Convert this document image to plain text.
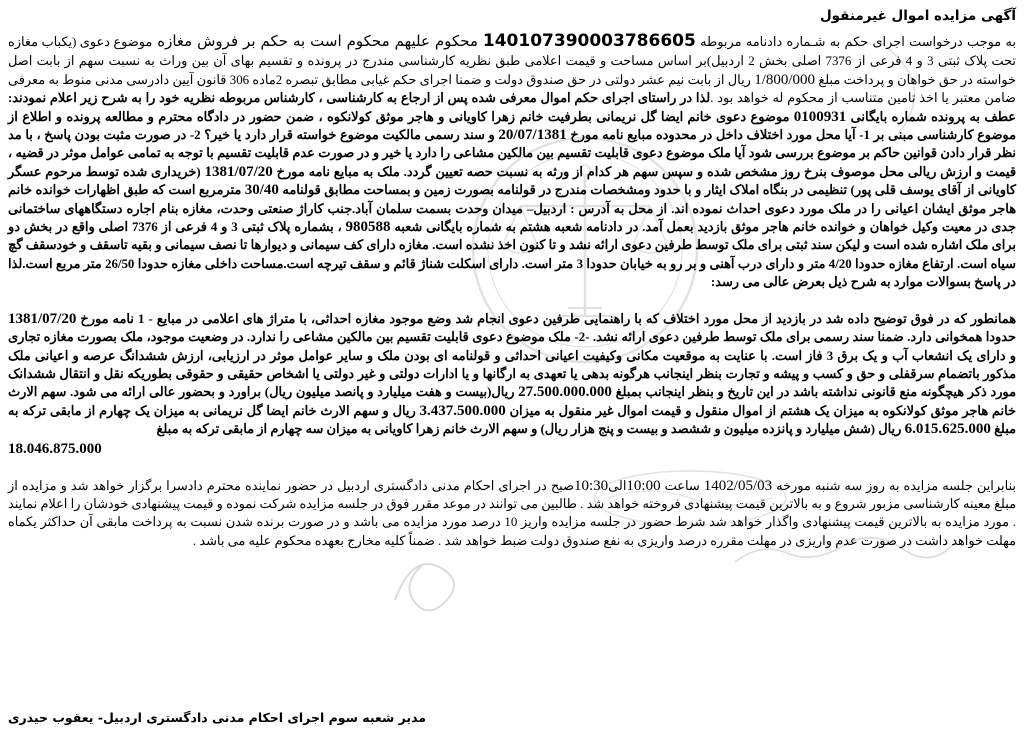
آگهی مزایده اموال غیرمنقول
به موجب درخواست اجرای حکم به شـماره دادنامه مربوطه 140107390003786605 محکوم علیهم محکوم است به حکم بر فروش مغازه موضوع دعوی (یکباب مغازه تحت پلاک ثبتی 3 و 4 فرعی از 7376 اصلی بخش 2 اردبیل)بر اساس مساحت و قیمت اعلامی طبق نظریه کارشناسی مندرج در پرونده و تقسیم بهای آن بین وراث به نسبت سهم از بابت اصل خواسته در حق خواهان و پرداخت مبلغ 1/800/000 ریال از بابت نیم عشر دولتی در حق صندوق دولت و ضمنا اجرای حکم غیابی مطابق تبصره 2ماده 306 قانون آیین دادرسی مدنی منوط به معرفی ضامن معتبر یا اخذ تامین متناسب از محکوم له خواهد بود .لذا در راستای اجرای حکم اموال معرفی شده پس از ارجاع به کارشناسی ، کارشناس مربوطه نظریه خود را به شرح زیر اعلام نمودند: عطف به پرونده شماره بایگانی 0100931 موضوع دعوی خانم ایضا گل نریمانی بطرفیت خانم زهرا کاویانی و هاجر موثق کولانکوه ، ضمن حضور در دادگاه محترم و مطالعه پرونده و اطلاع از موضوع کارشناسی مبنی بر 1- آیا محل مورد اختلاف داخل در محدوده مبایع نامه مورخ 20/07/1381 و سند رسمی مالکیت موضوع خواسته قرار دارد یا خیر؟ 2- در صورت مثبت بودن پاسخ ، با مد نظر قرار دادن قوانین حاکم بر موضوع بررسی شود آیا ملک موضوع دعوی قابلیت تقسیم بین مالکین مشاعی را دارد یا خیر و در صورت عدم قابلیت تقسیم با توجه به تمامی عوامل موثر در قضیه ، قیمت و ارزش ریالی محل موصوف بنرخ روز مشخص شده و سپس سهم هر کدام از ورثه به نسبت حصه تعیین گردد. ملک به مبایع نامه مورخ 1381/07/20 (خریداری شده توسط مرحوم عسگر کاویانی از آقای یوسف قلی پور) تنظیمی در بنگاه املاک ایثار و با حدود ومشخصات مندرج در قولنامه بصورت زمین و بمساحت مطابق قولنامه 30/40 مترمربع است که طبق اظهارات خوانده خانم هاجر موثق ایشان اعیانی را در ملک مورد دعوی احداث نموده اند. از محل به آدرس : اردبیل– میدان وحدت بسمت سلمان آباد.جنب کاراژ صنعتی وحدت، مغازه بنام اجاره دستگاههای ساختمانی جدی در معیت وکیل خواهان و خوانده خانم هاجر موثق بازدید بعمل آمد. در دادنامه شعبه هشتم به شماره بایگانی شعبه 980588 ، بشماره پلاک ثبتی 3 و 4 فرعی از 7376 اصلی واقع در بخش دو برای ملک اشاره شده است و لیکن سند ثبتی برای ملک توسط طرفین دعوی ارائه نشد و تا کنون اخذ نشده است. مغازه دارای کف سیمانی و دیوارها تا نصف سیمانی و بقیه تاسقف و خودسقف گچ سیاه است. ارتفاع مغازه حدودا 4/20 متر و دارای درب آهنی و بر رو به خیابان حدودا 3 متر است. دارای اسکلت شناژ قائم و سقف تیرچه است.مساحت داخلی مغازه حدودا 26/50 متر مربع است.لذا در پاسخ بسوالات موارد به شرح ذیل بعرض عالی می رسد:
همانطور که در فوق توضیح داده شد در بازدید از محل مورد اختلاف که با راهنمایی طرفین دعوی انجام شد وضع موجود مغازه احداثی، با متراژ های اعلامی در مبایع - 1 نامه مورخ 1381/07/20 حدودا همخوانی دارد. ضمنا سند رسمی برای ملک توسط طرفین دعوی ارائه نشد. -2- ملک موضوع دعوی قابلیت تقسیم بین مالکین مشاعی را ندارد. در وضعیت موجود، ملک بصورت مغازه تجاری و دارای یک انشعاب آب و یک برق 3 فاز است. با عنایت به موقعیت مکانی وکیفیت اعیانی احداثی و قولنامه ای بودن ملک و سایر عوامل موثر در ارزیابی، ارزش ششدانگ عرصه و اعیانی ملک مذکور باتضمام سرقفلی و حق و کسب و پیشه و تجارت بنظر اینجانب هرگونه بدهی یا تعهدی به ارگانها و یا ادارات دولتی و غیر دولتی یا اشخاص حقیقی و حقوقی بطوریکه نقل و انتقال ششدانک مورد ذکر هیچگونه منع قانونی نداشته باشد در این تاریخ و بنظر اینجانب بمبلغ 27.500.000.000 ریال(بیست و هفت میلیارد و پانصد میلیون ریال) براورد و بحضور عالی ارائه می شود. سهم الارث خانم هاجر موثق کولانکوه به میزان یک هشتم از اموال منقول و قیمت اموال غیر منقول به میزان 3.437.500.000 ریال و سهم الارث خانم ایضا گل نریمانی به میزان یک چهارم از مابقی ترکه به مبلغ 6.015.625.000 ریال (شش میلیارد و پانزده میلیون و ششصد و بیست و پنج هزار ریال) و سهم الارث خانم زهرا کاویانی به میزان سه چهارم از مابقی ترکه به مبلغ
18.046.875.000
بنابراین جلسه مزایده به روز سه شنبه مورخه 1402/05/03 ساعت 10:00الی10:30صبح در اجرای احکام مدنی دادگستری اردبیل در حضور نماینده محترم دادسرا برگزار خواهد شد و مزایده از مبلغ معینه کارشناسی مزبور شروع و به بالاترین قیمت پیشنهادی فروخته خواهد شد . طالبین می توانند در موعد مقرر فوق در جلسه مزایده شرکت نموده و قیمت پیشنهادی خودشان را اعلام نمایند . مورد مزایده به بالاترین قیمت پیشنهادی واگذار خواهد شد شرط حضور در جلسه مزایده واریز 10 درصد مورد مزایده می باشد و در صورت برنده شدن نسبت به پرداخت مابقی آن حداکثر یکماه مهلت خواهد داشت در صورت عدم واریزی در مهلت مقرره درصد واریزی به نفع صندوق دولت ضبط خواهد شد . ضمناً کلیه مخارج بعهده محکوم علیه می باشد .
مدیر شعبه سوم اجرای احکام مدنی دادگستری اردبیل- یعقوب حیدری
